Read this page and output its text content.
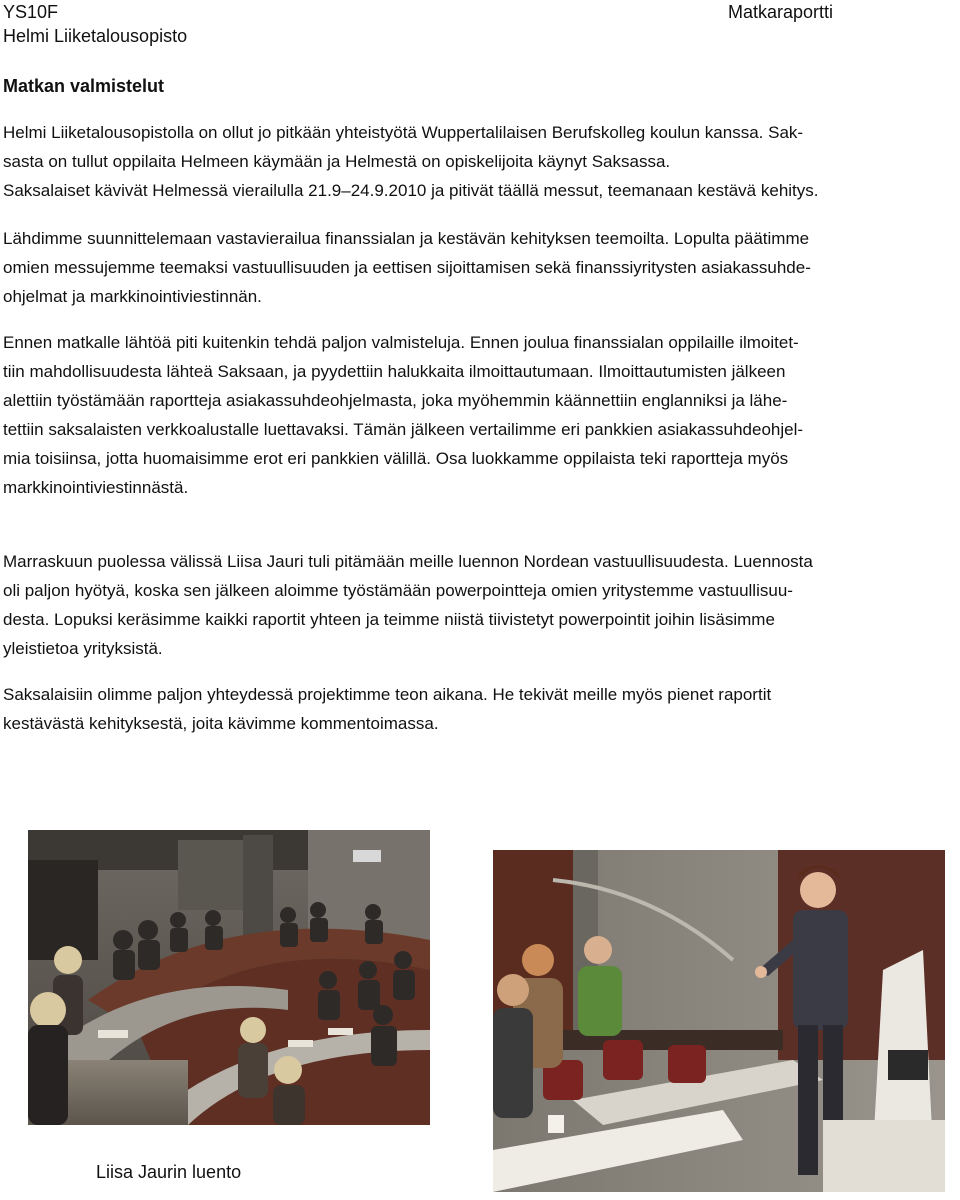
YS10F
Helmi Liiketalousopisto
Matkaraportti
Matkan valmistelut

Helmi Liiketalousopistolla on ollut jo pitkään yhteistyötä Wuppertalilaisen Berufskolleg koulun kanssa. Sak-
sasta on tullut oppilaita Helmeen käymään ja Helmestä on opiskelijoita käynyt Saksassa.
Saksalaiset kävivät Helmessä vierailulla 21.9–24.9.2010 ja pitivät täällä messut, teemanaan kestävä kehitys.

Lähdimme suunnittelemaan vastavierailua finanssialan ja kestävän kehityksen teemoilta. Lopulta päätimme
omien messujemme teemaksi vastuullisuuden ja eettisen sijoittamisen sekä finanssiyritysten asiakassuhde-
ohjelmat ja markkinointiviestinnän.

Ennen matkalle lähtöä piti kuitenkin tehdä paljon valmisteluja. Ennen joulua finanssialan oppilaille ilmoitet-
tiin mahdollisuudesta lähteä Saksaan, ja pyydettiin halukkaita ilmoittautumaan. Ilmoittautumisten jälkeen
alettiin työstämään raportteja asiakassuhdeohjelmasta, joka myöhemmin käännettiin englanniksi ja lähe-
tettiin saksalaisten verkkoalustalle luettavaksi. Tämän jälkeen vertailimme eri pankkien asiakassuhdeohjel-
mia toisiinsa, jotta huomaisimme erot eri pankkien välillä. Osa luokkamme oppilaista teki raportteja myös
markkinointiviestinnästä.

Marraskuun puolessa välissä Liisa Jauri tuli pitämään meille luennon Nordean vastuullisuudesta. Luennosta
oli paljon hyötyä, koska sen jälkeen aloimme työstämään powerpointteja omien yritystemme vastuullisuu-
desta. Lopuksi keräsimme kaikki raportit yhteen ja teimme niistä tiivistetyt powerpointit joihin lisäsimme
yleistietoa yrityksistä.

Saksalaisiin olimme paljon yhteydessä projektimme teon aikana. He tekivät meille myös pienet raportit
kestävästä kehityksestä, joita kävimme kommentoimassa.

Liisa Jaurin luento
